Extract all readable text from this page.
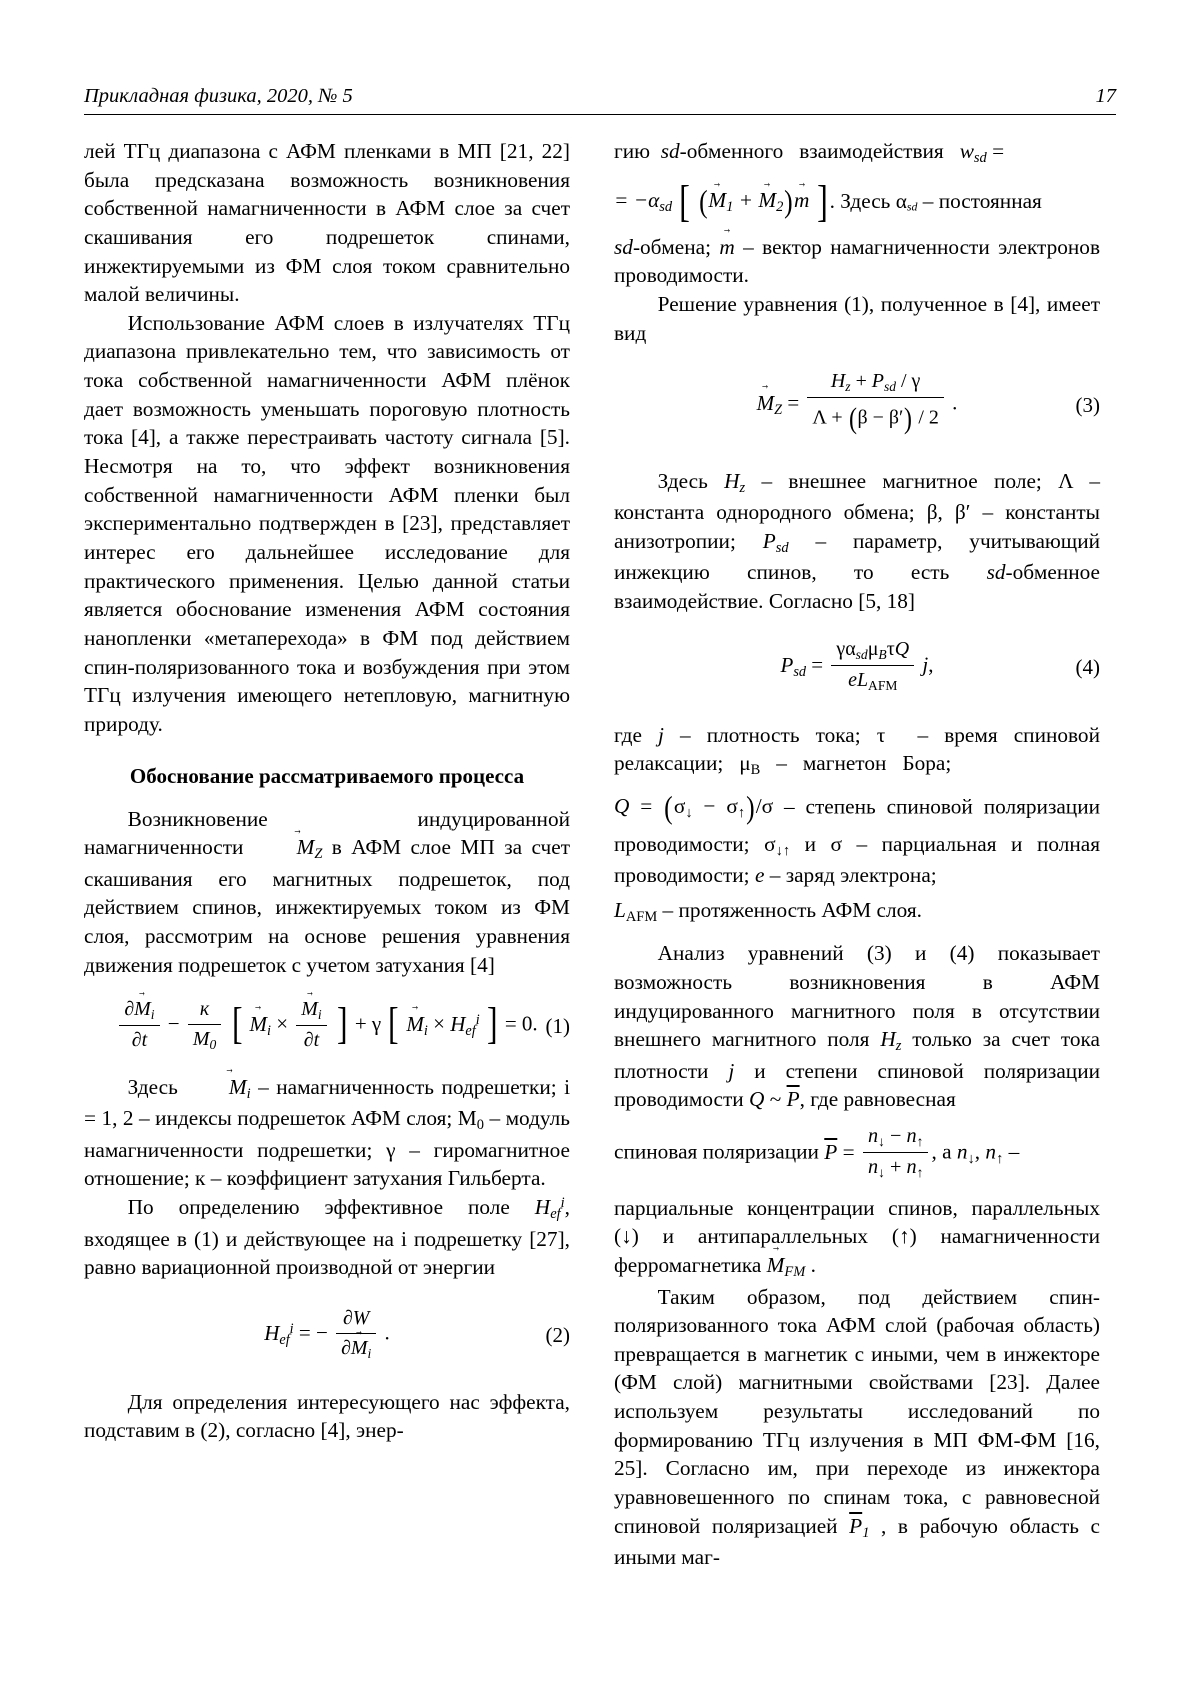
Прикладная физика, 2020, № 5	17

лей ТГц диапазона с АФМ пленками в МП [21, 22] была предсказана возможность возникновения собственной намагниченности в АФМ слое за счет скашивания его подрешеток спинами, инжектируемыми из ФМ слоя током сравнительно малой величины.

Использование АФМ слоев в излучателях ТГц диапазона привлекательно тем, что зависимость от тока собственной намагниченности АФМ плёнок дает возможность уменьшать пороговую плотность тока [4], а также перестраивать частоту сигнала [5]. Несмотря на то, что эффект возникновения собственной намагниченности АФМ пленки был экспериментально подтвержден в [23], представляет интерес его дальнейшее исследование для практического применения. Целью данной статьи является обоснование изменения АФМ состояния нанопленки «метаперехода» в ФМ под действием спин-поляризованного тока и возбуждения при этом ТГц излучения имеющего нетепловую, магнитную природу.

Обоснование рассматриваемого процесса

Возникновение индуцированной намагниченности $M \to_Z$ в АФМ слое МП за счет скашивания его магнитных подрешеток, под действием спинов, инжектируемых током из ФМ слоя, рассмотрим на основе решения уравнения движения подрешеток с учетом затухания [4]

$\frac{\partial M \to_i}{\partial t} - \frac{к}{M_0}$ [ $M \to_i \times \frac{M \to_i}{\partial t}$ ] + γ [ $M \to_i \times H_{ef}^i$ ] = 0. (1)

Здесь $M \to_i$ – намагниченность подрешетки; i = 1, 2 – индексы подрешеток АФМ слоя; $M_0$ – модуль намагниченности подрешетки; γ – гиромагнитное отношение; к – коэффициент затухания Гильберта.

По определению эффективное поле $H_{ef}^i$, входящее в (1) и действующее на i подрешетку [27], равно вариационной производной от энергии

$H_{ef}^i$ = − $\frac{\partial W}{\partial M \to_i}$ .	(2)

Для определения интересующего нас эффекта, подставим в (2), согласно [4], энер-

гию  sd-обменного   взаимодействия   $w_{sd}$ =

= $-\alpha_{sd}$ [ $(M \to_1 + M \to_2)m$ → ]. Здесь $\alpha_{sd}$ – постоянная

sd-обмена; m → – вектор намагниченности электронов проводимости.

Решение уравнения (1), полученное в [4], имеет вид

$M \to_Z = \frac{H_z + P_{sd} / \gamma}{\Lambda + (\beta - \beta') / 2}$ .	(3)

Здесь $H_z$ – внешнее магнитное поле; Λ – константа однородного обмена; β, β′ – константы анизотропии; $P_{sd}$ – параметр, учитывающий инжекцию спинов, то есть sd-обменное взаимодействие. Согласно [5, 18]

$P_{sd} = \frac{\gamma\alpha_{sd}\mu_B\tau Q}{eL_{AFM}} j$,	(4)

где j – плотность тока; τ  – время спиновой релаксации;   $\mu_B$   –   магнетон   Бора;

$Q = (\sigma_↓ - \sigma_↑)/\sigma$ – степень спиновой поляризации проводимости; $\sigma_{↓↑}$ и σ – парциальная и полная проводимости; e – заряд электрона;

$L_{AFM}$ – протяженность АФМ слоя.

Анализ уравнений (3) и (4) показывает возможность возникновения в АФМ индуцированного магнитного поля в отсутствии внешнего магнитного поля $H_z$ только за счет тока плотности j и степени спиновой поляризации проводимости Q ~ $\overline{P}$, где равновесная

спиновая поляризации $\overline{P} = \frac{n_↓ - n_↑}{n_↓ + n_↑}$ , а $n_↓$, $n_↑$ –

парциальные концентрации спинов, параллельных (↓) и антипараллельных (↑) намагниченности ферромагнетика $M \to_{FM}$ .

Таким образом, под действием спин-поляризованного тока АФМ слой (рабочая область) превращается в магнетик с иными, чем в инжекторе (ФМ слой) магнитными свойствами [23]. Далее используем результаты исследований по формированию ТГц излучения в МП ФМ-ФМ [16, 25]. Согласно им, при переходе из инжектора уравновешенного по спинам тока, с равновесной спиновой поляризацией $\overline{P}_1$ , в рабочую область с иными маг-
